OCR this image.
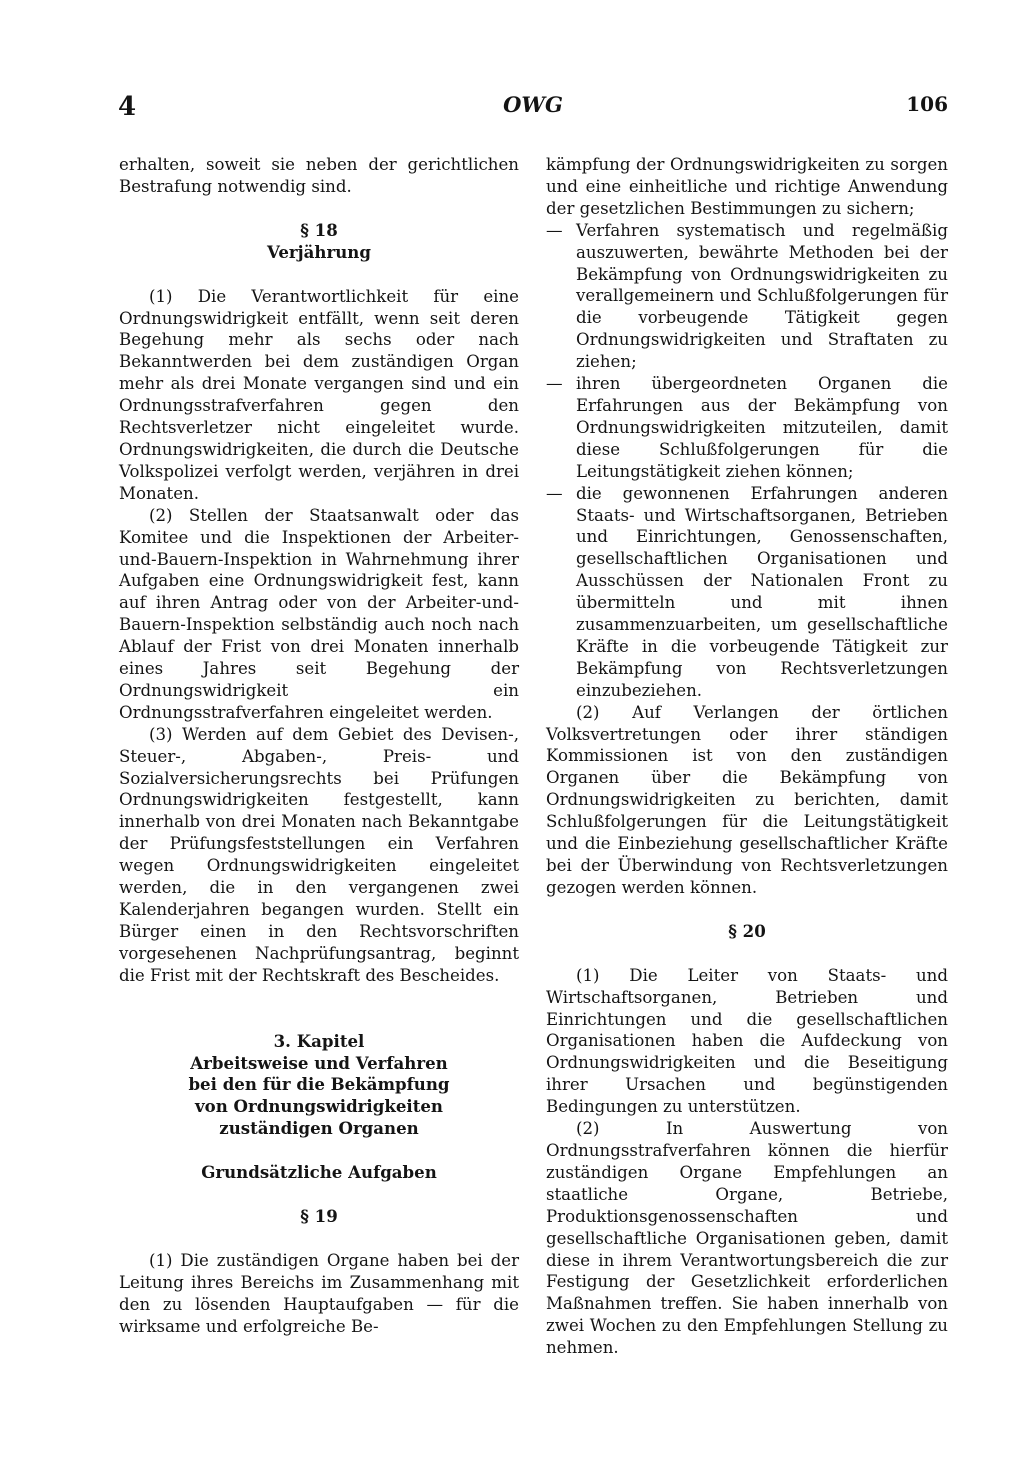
4	OWG	106

erhalten, soweit sie neben der gerichtlichen Bestrafung notwendig sind.

§ 18
Verjährung

(1) Die Verantwortlichkeit für eine Ordnungswidrigkeit entfällt, wenn seit deren Begehung mehr als sechs oder nach Bekanntwerden bei dem zuständigen Organ mehr als drei Monate vergangen sind und ein Ordnungsstrafverfahren gegen den Rechtsverletzer nicht eingeleitet wurde. Ordnungswidrigkeiten, die durch die Deutsche Volkspolizei verfolgt werden, verjähren in drei Monaten.

(2) Stellen der Staatsanwalt oder das Komitee und die Inspektionen der Arbeiter-und-Bauern-Inspektion in Wahrnehmung ihrer Aufgaben eine Ordnungswidrigkeit fest, kann auf ihren Antrag oder von der Arbeiter-und-Bauern-Inspektion selbständig auch noch nach Ablauf der Frist von drei Monaten innerhalb eines Jahres seit Begehung der Ordnungswidrigkeit ein Ordnungsstrafverfahren eingeleitet werden.

(3) Werden auf dem Gebiet des Devisen-, Steuer-, Abgaben-, Preis- und Sozialversicherungsrechts bei Prüfungen Ordnungswidrigkeiten festgestellt, kann innerhalb von drei Monaten nach Bekanntgabe der Prüfungsfeststellungen ein Verfahren wegen Ordnungswidrigkeiten eingeleitet werden, die in den vergangenen zwei Kalenderjahren begangen wurden. Stellt ein Bürger einen in den Rechtsvorschriften vorgesehenen Nachprüfungsantrag, beginnt die Frist mit der Rechtskraft des Bescheides.

3. Kapitel
Arbeitsweise und Verfahren
bei den für die Bekämpfung
von Ordnungswidrigkeiten
zuständigen Organen
Grundsätzliche Aufgaben
§ 19

(1) Die zuständigen Organe haben bei der Leitung ihres Bereichs im Zusammenhang mit den zu lösenden Hauptaufgaben — für die wirksame und erfolgreiche Be-

kämpfung der Ordnungswidrigkeiten zu sorgen und eine einheitliche und richtige Anwendung der gesetzlichen Bestimmungen zu sichern;

— Verfahren systematisch und regelmäßig auszuwerten, bewährte Methoden bei der Bekämpfung von Ordnungswidrigkeiten zu verallgemeinern und Schlußfolgerungen für die vorbeugende Tätigkeit gegen Ordnungswidrigkeiten und Straftaten zu ziehen;
— ihren übergeordneten Organen die Erfahrungen aus der Bekämpfung von Ordnungswidrigkeiten mitzuteilen, damit diese Schlußfolgerungen für die Leitungstätigkeit ziehen können;
— die gewonnenen Erfahrungen anderen Staats- und Wirtschaftsorganen, Betrieben und Einrichtungen, Genossenschaften, gesellschaftlichen Organisationen und Ausschüssen der Nationalen Front zu übermitteln und mit ihnen zusammenzuarbeiten, um gesellschaftliche Kräfte in die vorbeugende Tätigkeit zur Bekämpfung von Rechtsverletzungen einzubeziehen.

(2) Auf Verlangen der örtlichen Volksvertretungen oder ihrer ständigen Kommissionen ist von den zuständigen Organen über die Bekämpfung von Ordnungswidrigkeiten zu berichten, damit Schlußfolgerungen für die Leitungstätigkeit und die Einbeziehung gesellschaftlicher Kräfte bei der Überwindung von Rechtsverletzungen gezogen werden können.

§ 20

(1) Die Leiter von Staats- und Wirtschaftsorganen, Betrieben und Einrichtungen und die gesellschaftlichen Organisationen haben die Aufdeckung von Ordnungswidrigkeiten und die Beseitigung ihrer Ursachen und begünstigenden Bedingungen zu unterstützen.

(2) In Auswertung von Ordnungsstrafverfahren können die hierfür zuständigen Organe Empfehlungen an staatliche Organe, Betriebe, Produktionsgenossenschaften und gesellschaftliche Organisationen geben, damit diese in ihrem Verantwortungsbereich die zur Festigung der Gesetzlichkeit erforderlichen Maßnahmen treffen. Sie haben innerhalb von zwei Wochen zu den Empfehlungen Stellung zu nehmen.
